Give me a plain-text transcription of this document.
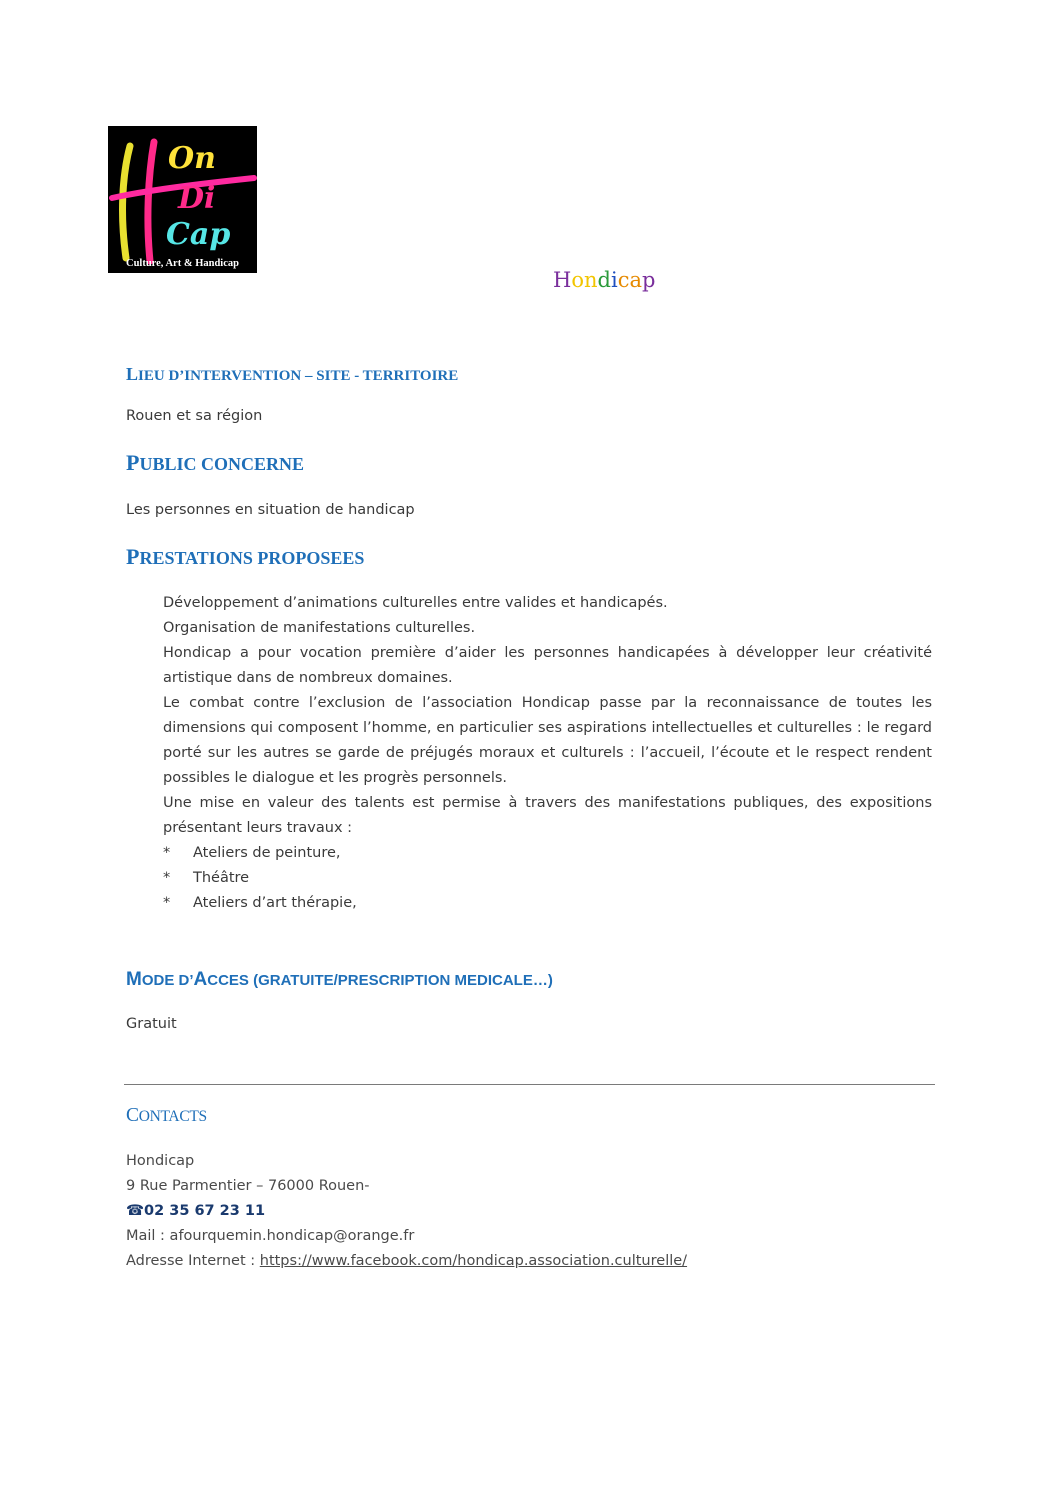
On
Di
Cap
Culture, Art & Handicap
Hondicap
LIEU D’INTERVENTION – SITE - TERRITOIRE
Rouen et sa région
PUBLIC CONCERNE
Les personnes en situation de handicap
PRESTATIONS PROPOSEES

Développement d’animations culturelles entre valides et handicapés.

Organisation de manifestations culturelles.

Hondicap a pour vocation première d’aider les personnes handicapées à développer leur créativité artistique dans de nombreux domaines.

Le combat contre l’exclusion de l’association Hondicap passe par la reconnaissance de toutes les dimensions qui composent l’homme, en particulier ses aspirations intellectuelles et culturelles : le regard porté sur les autres se garde de préjugés moraux et culturels : l’accueil, l’écoute et le respect rendent possibles le dialogue et les progrès personnels.

Une mise en valeur des talents est permise à travers des manifestations publiques, des expositions présentant leurs travaux :

*	Ateliers de peinture,
*	Théâtre
*	Ateliers d’art thérapie,
MODE D’ACCES (GRATUITE/PRESCRIPTION MEDICALE…)
Gratuit
CONTACTS
Hondicap
9 Rue Parmentier – 76000 Rouen-
☎02 35 67 23 11
Mail : afourquemin.hondicap@orange.fr
Adresse Internet : https://www.facebook.com/hondicap.association.culturelle/
